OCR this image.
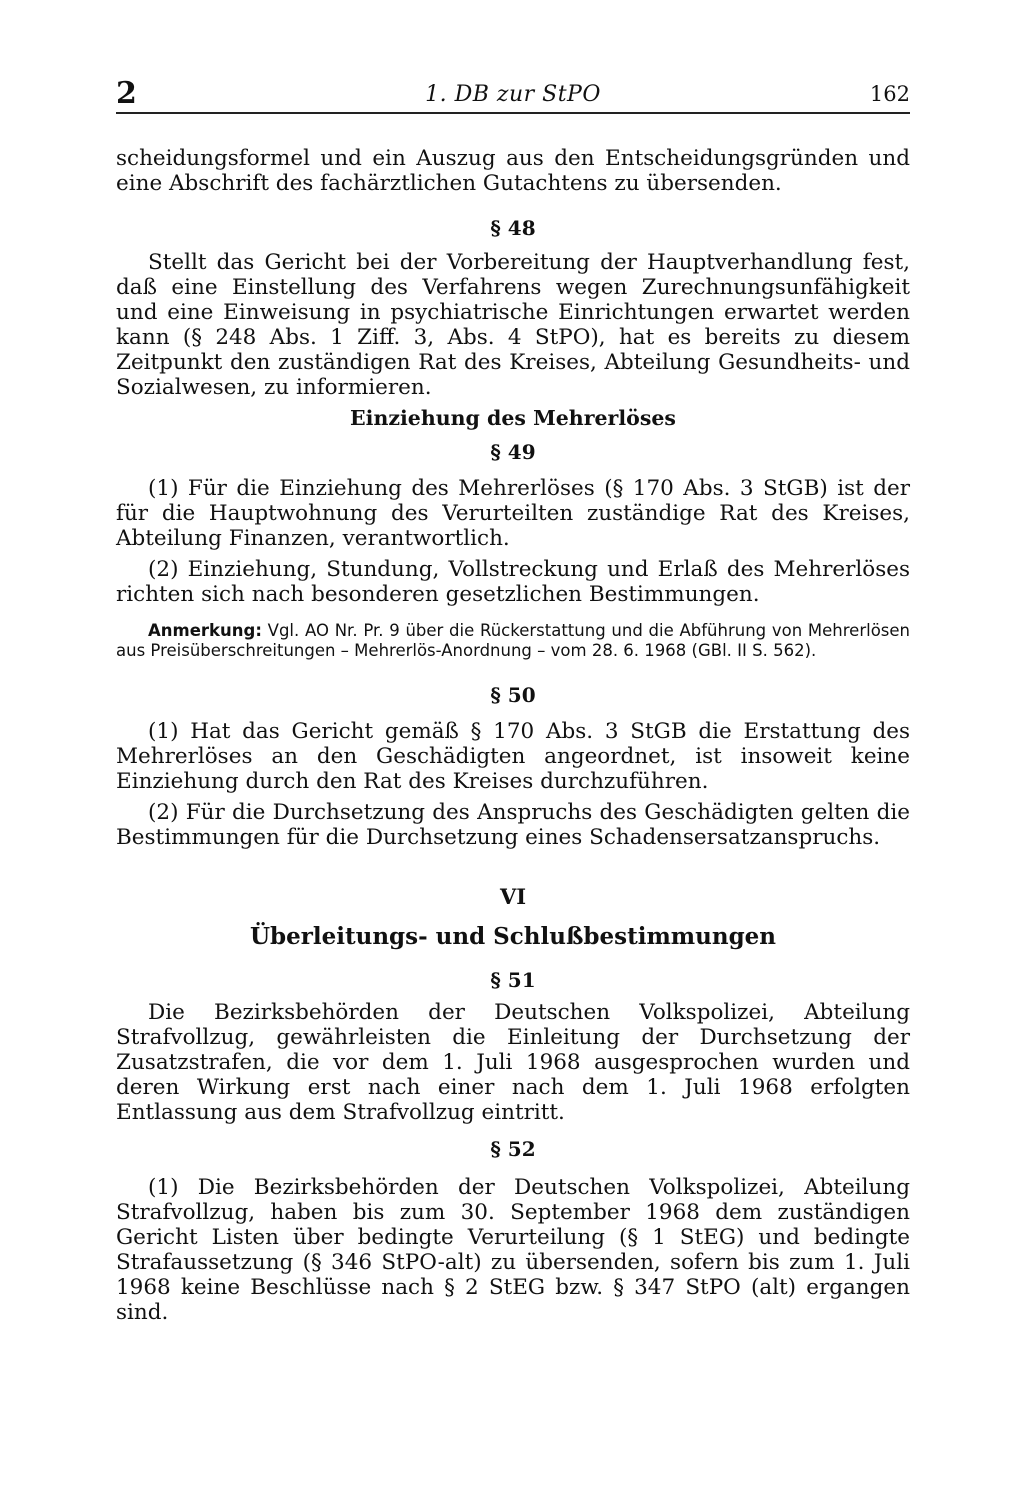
2	1. DB zur StPO	162

scheidungsformel und ein Auszug aus den Entscheidungsgründen und eine Abschrift des fachärztlichen Gutachtens zu übersenden.

§ 48

Stellt das Gericht bei der Vorbereitung der Hauptverhandlung fest, daß eine Einstellung des Verfahrens wegen Zurechnungsunfähigkeit und eine Einweisung in psychiatrische Einrichtungen erwartet werden kann (§ 248 Abs. 1 Ziff. 3, Abs. 4 StPO), hat es bereits zu diesem Zeitpunkt den zuständigen Rat des Kreises, Abteilung Gesundheits- und Sozialwesen, zu informieren.

Einziehung des Mehrerlöses
§ 49

(1) Für die Einziehung des Mehrerlöses (§ 170 Abs. 3 StGB) ist der für die Hauptwohnung des Verurteilten zuständige Rat des Kreises, Abteilung Finanzen, verantwortlich.

(2) Einziehung, Stundung, Vollstreckung und Erlaß des Mehrerlöses richten sich nach besonderen gesetzlichen Bestimmungen.

Anmerkung: Vgl. AO Nr. Pr. 9 über die Rückerstattung und die Abführung von Mehrerlösen aus Preisüberschreitungen – Mehrerlös-Anordnung – vom 28. 6. 1968 (GBl. II S. 562).
§ 50

(1) Hat das Gericht gemäß § 170 Abs. 3 StGB die Erstattung des Mehrerlöses an den Geschädigten angeordnet, ist insoweit keine Einziehung durch den Rat des Kreises durchzuführen.

(2) Für die Durchsetzung des Anspruchs des Geschädigten gelten die Bestimmungen für die Durchsetzung eines Schadensersatzanspruchs.

VI
Überleitungs- und Schlußbestimmungen
§ 51

Die Bezirksbehörden der Deutschen Volkspolizei, Abteilung Strafvollzug, gewährleisten die Einleitung der Durchsetzung der Zusatzstrafen, die vor dem 1. Juli 1968 ausgesprochen wurden und deren Wirkung erst nach einer nach dem 1. Juli 1968 erfolgten Entlassung aus dem Strafvollzug eintritt.

§ 52

(1) Die Bezirksbehörden der Deutschen Volkspolizei, Abteilung Strafvollzug, haben bis zum 30. September 1968 dem zuständigen Gericht Listen über bedingte Verurteilung (§ 1 StEG) und bedingte Strafaussetzung (§ 346 StPO-alt) zu übersenden, sofern bis zum 1. Juli 1968 keine Beschlüsse nach § 2 StEG bzw. § 347 StPO (alt) ergangen sind.
